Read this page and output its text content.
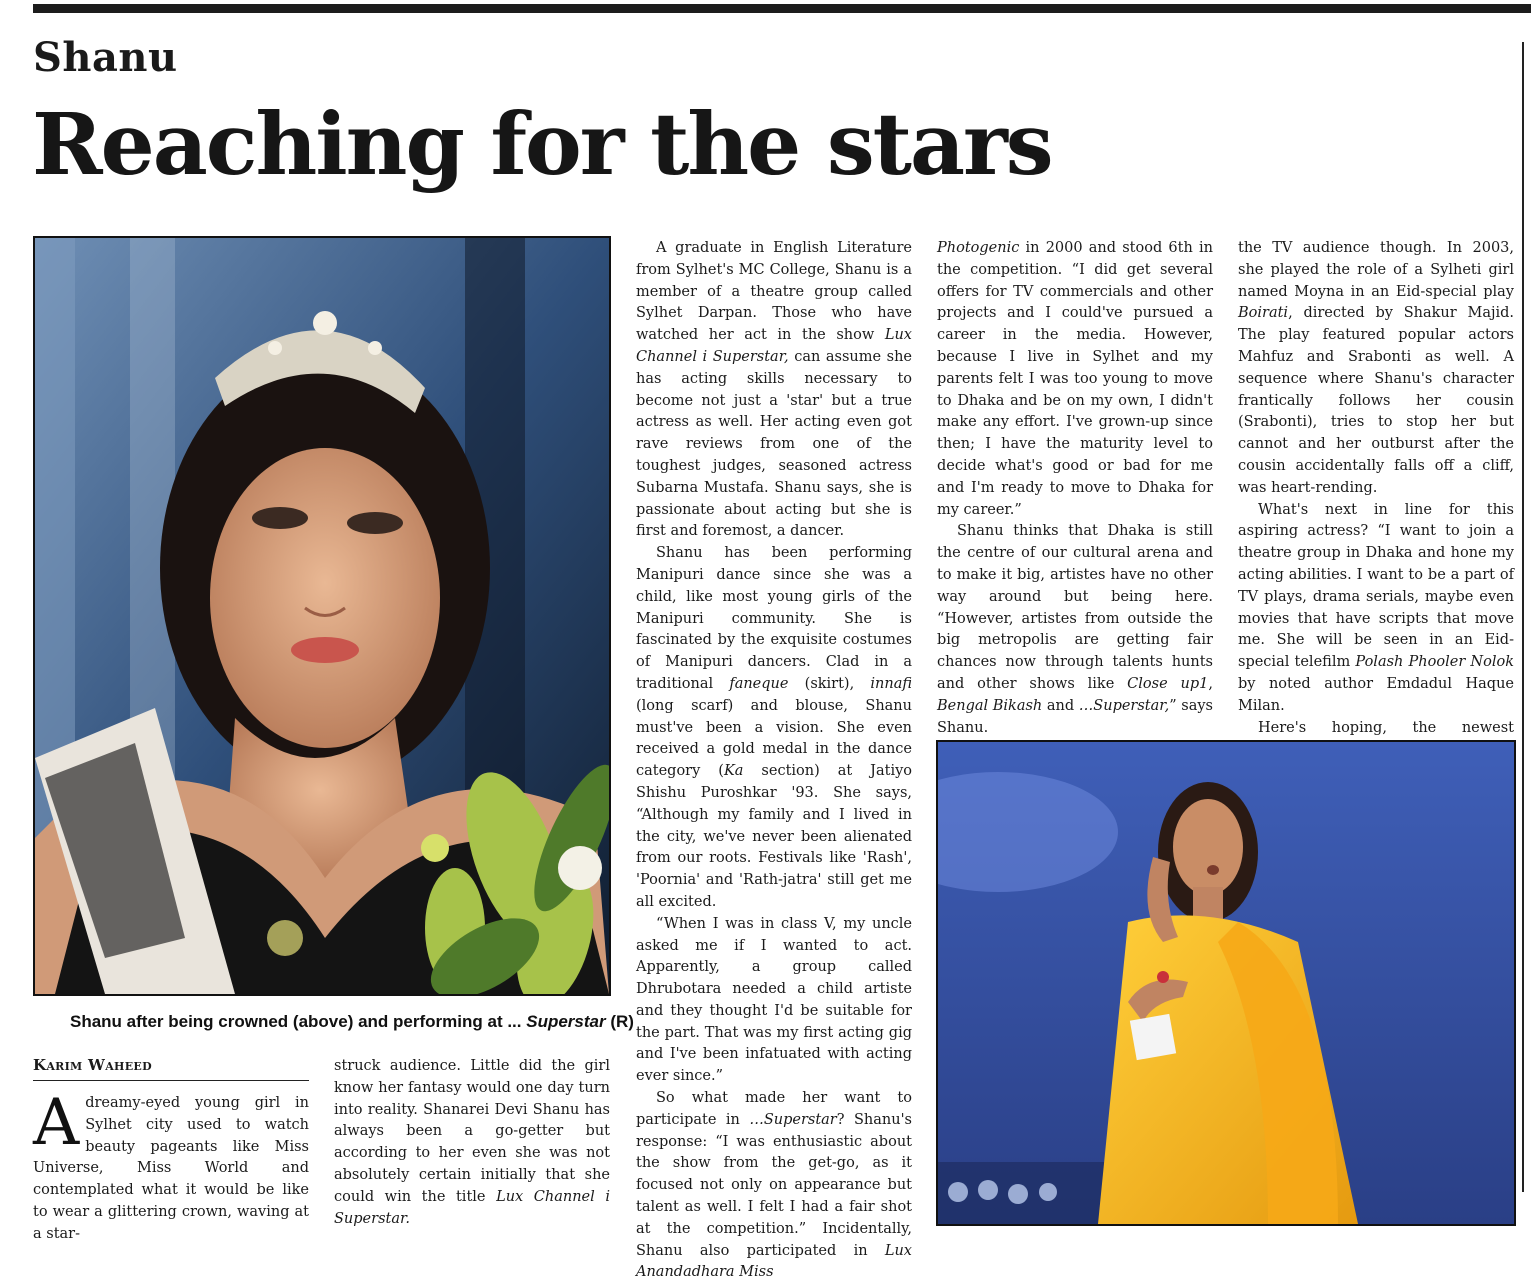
Shanu
Reaching for the stars

Shanu after being crowned (above) and performing at ... Superstar (R)

Karim Waheed

Adreamy-eyed young girl in Sylhet city used to watch beauty pageants like Miss Universe, Miss World and contemplated what it would be like to wear a glittering crown, waving at a star-

struck audience. Little did the girl know her fantasy would one day turn into reality. Shanarei Devi Shanu has always been a go-getter but according to her even she was not absolutely certain initially that she could win the title Lux Channel i Superstar.

A graduate in English Literature from Sylhet's MC College, Shanu is a member of a theatre group called Sylhet Darpan. Those who have watched her act in the show Lux Channel i Superstar, can assume she has acting skills necessary to become not just a 'star' but a true actress as well. Her acting even got rave reviews from one of the toughest judges, seasoned actress Subarna Mustafa. Shanu says, she is passionate about acting but she is first and foremost, a dancer.

Shanu has been performing Manipuri dance since she was a child, like most young girls of the Manipuri community. She is fascinated by the exquisite costumes of Manipuri dancers. Clad in a traditional faneque (skirt), innafi (long scarf) and blouse, Shanu must've been a vision. She even received a gold medal in the dance category (Ka section) at Jatiyo Shishu Puroshkar '93. She says, “Although my family and I lived in the city, we've never been alienated from our roots. Festivals like 'Rash', 'Poornia' and 'Rath-jatra' still get me all excited.

“When I was in class V, my uncle asked me if I wanted to act. Apparently, a group called Dhrubotara needed a child artiste and they thought I'd be suitable for the part. That was my first acting gig and I've been infatuated with acting ever since.”

So what made her want to participate in …Superstar? Shanu's response: “I was enthusiastic about the show from the get-go, as it focused not only on appearance but talent as well. I felt I had a fair shot at the competition.” Incidentally, Shanu also participated in Lux Anandadhara Miss

Photogenic in 2000 and stood 6th in the competition. “I did get several offers for TV commercials and other projects and I could've pursued a career in the media. However, because I live in Sylhet and my parents felt I was too young to move to Dhaka and be on my own, I didn't make any effort. I've grown-up since then; I have the maturity level to decide what's good or bad for me and I'm ready to move to Dhaka for my career.”

Shanu thinks that Dhaka is still the centre of our cultural arena and to make it big, artistes have no other way around but being here. “However, artistes from outside the big metropolis are getting fair chances now through talents hunts and other shows like Close up1, Bengal Bikash and …Superstar,” says Shanu.

the TV audience though. In 2003, she played the role of a Sylheti girl named Moyna in an Eid-special play Boirati, directed by Shakur Majid. The play featured popular actors Mahfuz and Srabonti as well. A sequence where Shanu's character frantically follows her cousin (Srabonti), tries to stop her but cannot and her outburst after the cousin accidentally falls off a cliff, was heart-rending.

What's next in line for this aspiring actress? “I want to join a theatre group in Dhaka and hone my acting abilities. I want to be a part of TV plays, drama serials, maybe even movies that have scripts that move me. She will be seen in an Eid-special telefilm Polash Phooler Nolok by noted author Emdadul Haque Milan.

Here's hoping, the newest
